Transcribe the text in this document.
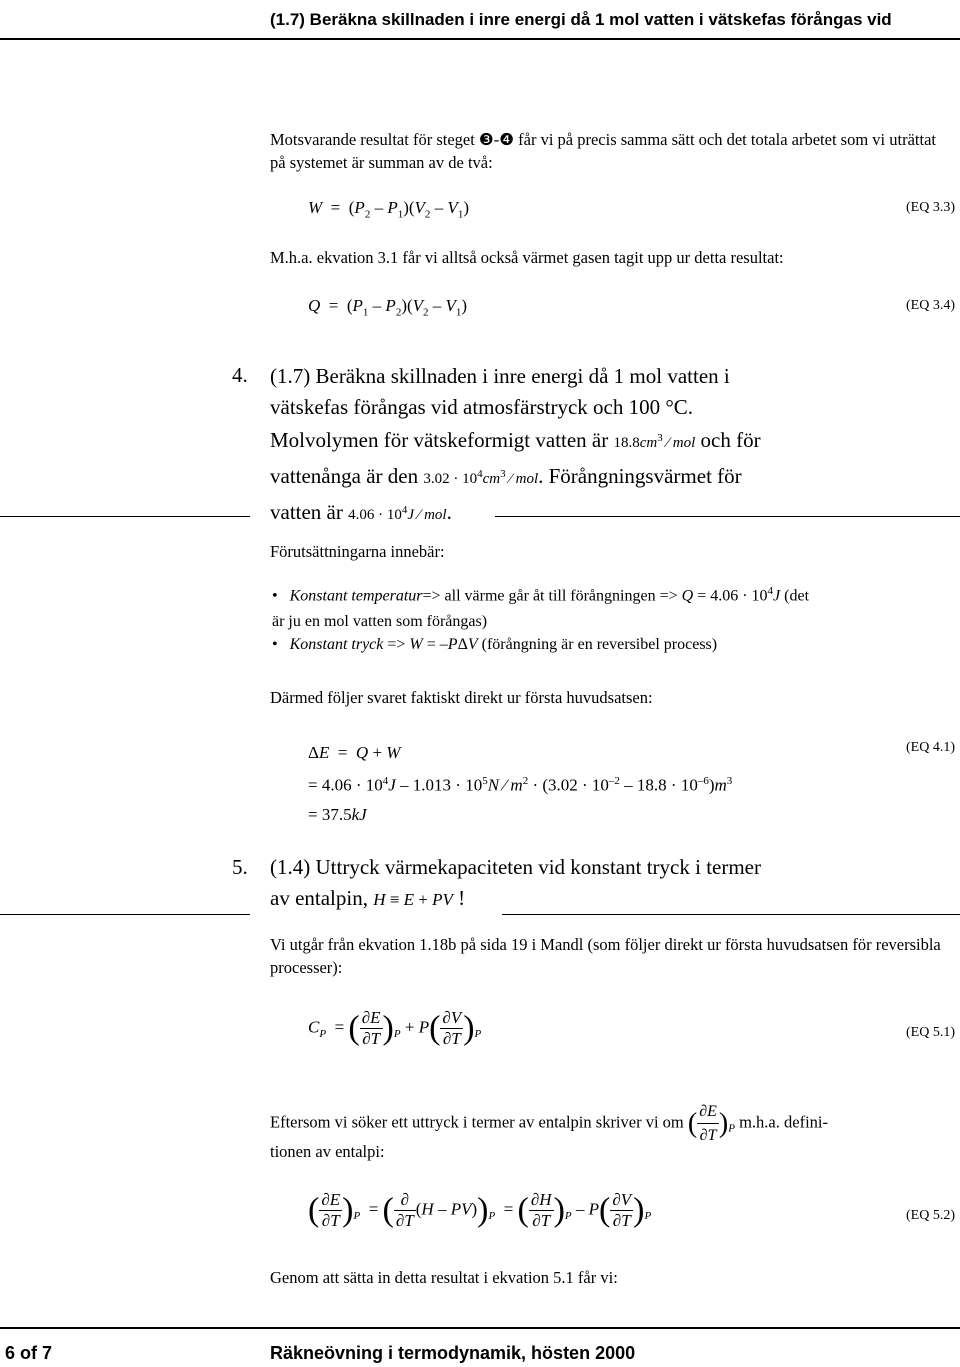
(1.7) Beräkna skillnaden i inre energi då 1 mol vatten i vätskefas förångas vid
Motsvarande resultat för steget ❸-❹ får vi på precis samma sätt och det totala arbetet som vi uträttat på systemet är summan av de två:
$W = (P_2 - P_1)(V_2 - V_1)$	(EQ 3.3)
M.h.a. ekvation 3.1 får vi alltså också värmet gasen tagit upp ur detta resultat:
$Q = (P_1 - P_2)(V_2 - V_1)$	(EQ 3.4)
4. (1.7) Beräkna skillnaden i inre energi då 1 mol vatten i
vätskefas förångas vid atmosfärstryck och 100 °C.
Molvolymen för vätskeformigt vatten är $18.8cm^3$ ⁄ mol och för
vattenånga är den $3.02 \cdot 10^4cm^3$ ⁄ mol. Förångningsvärmet för
vatten är $4.06 \cdot 10^4J$ ⁄ mol.
Förutsättningarna innebär:
•   Konstant temperatur=> all värme går åt till förångningen => $Q = 4.06 \cdot 10^4J$ (det
är ju en mol vatten som förångas)
•   Konstant tryck => W = –PΔV (förångning är en reversibel process)
Därmed följer svaret faktiskt direkt ur första huvudsatsen:
ΔE  =  Q + W
= $4.06 \cdot 10^4J - 1.013 \cdot 10^5N$ ⁄ $m^2 \cdot (3.02 \cdot 10^{-2} - 18.8 \cdot 10^{-6})m^3$
= 37.5kJ
(EQ 4.1)
5. (1.4) Uttryck värmekapaciteten vid konstant tryck i termer
av entalpin, H ≡ E + PV !
Vi utgår från ekvation 1.18b på sida 19 i Mandl (som följer direkt ur första huvudsatsen för reversibla processer):
$C_P$  = ( $\frac{\partial E}{\partial T} )_P + P( \frac{\partial V}{\partial T} )_P$	(EQ 5.1)
Eftersom vi söker ett uttryck i termer av entalpin skriver vi om ( $\frac{\partial E}{\partial T} )_P$ m.h.a. defini-
tionen av entalpi:
( $\frac{\partial E}{\partial T} )_P$  = ( $\frac{\partial}{\partial T} (H - PV))_P$  = ( $\frac{\partial H}{\partial T} )_P - P( \frac{\partial V}{\partial T} )_P$	(EQ 5.2)
Genom att sätta in detta resultat i ekvation 5.1 får vi:
6 of 7	Räkneövning i termodynamik, hösten 2000
